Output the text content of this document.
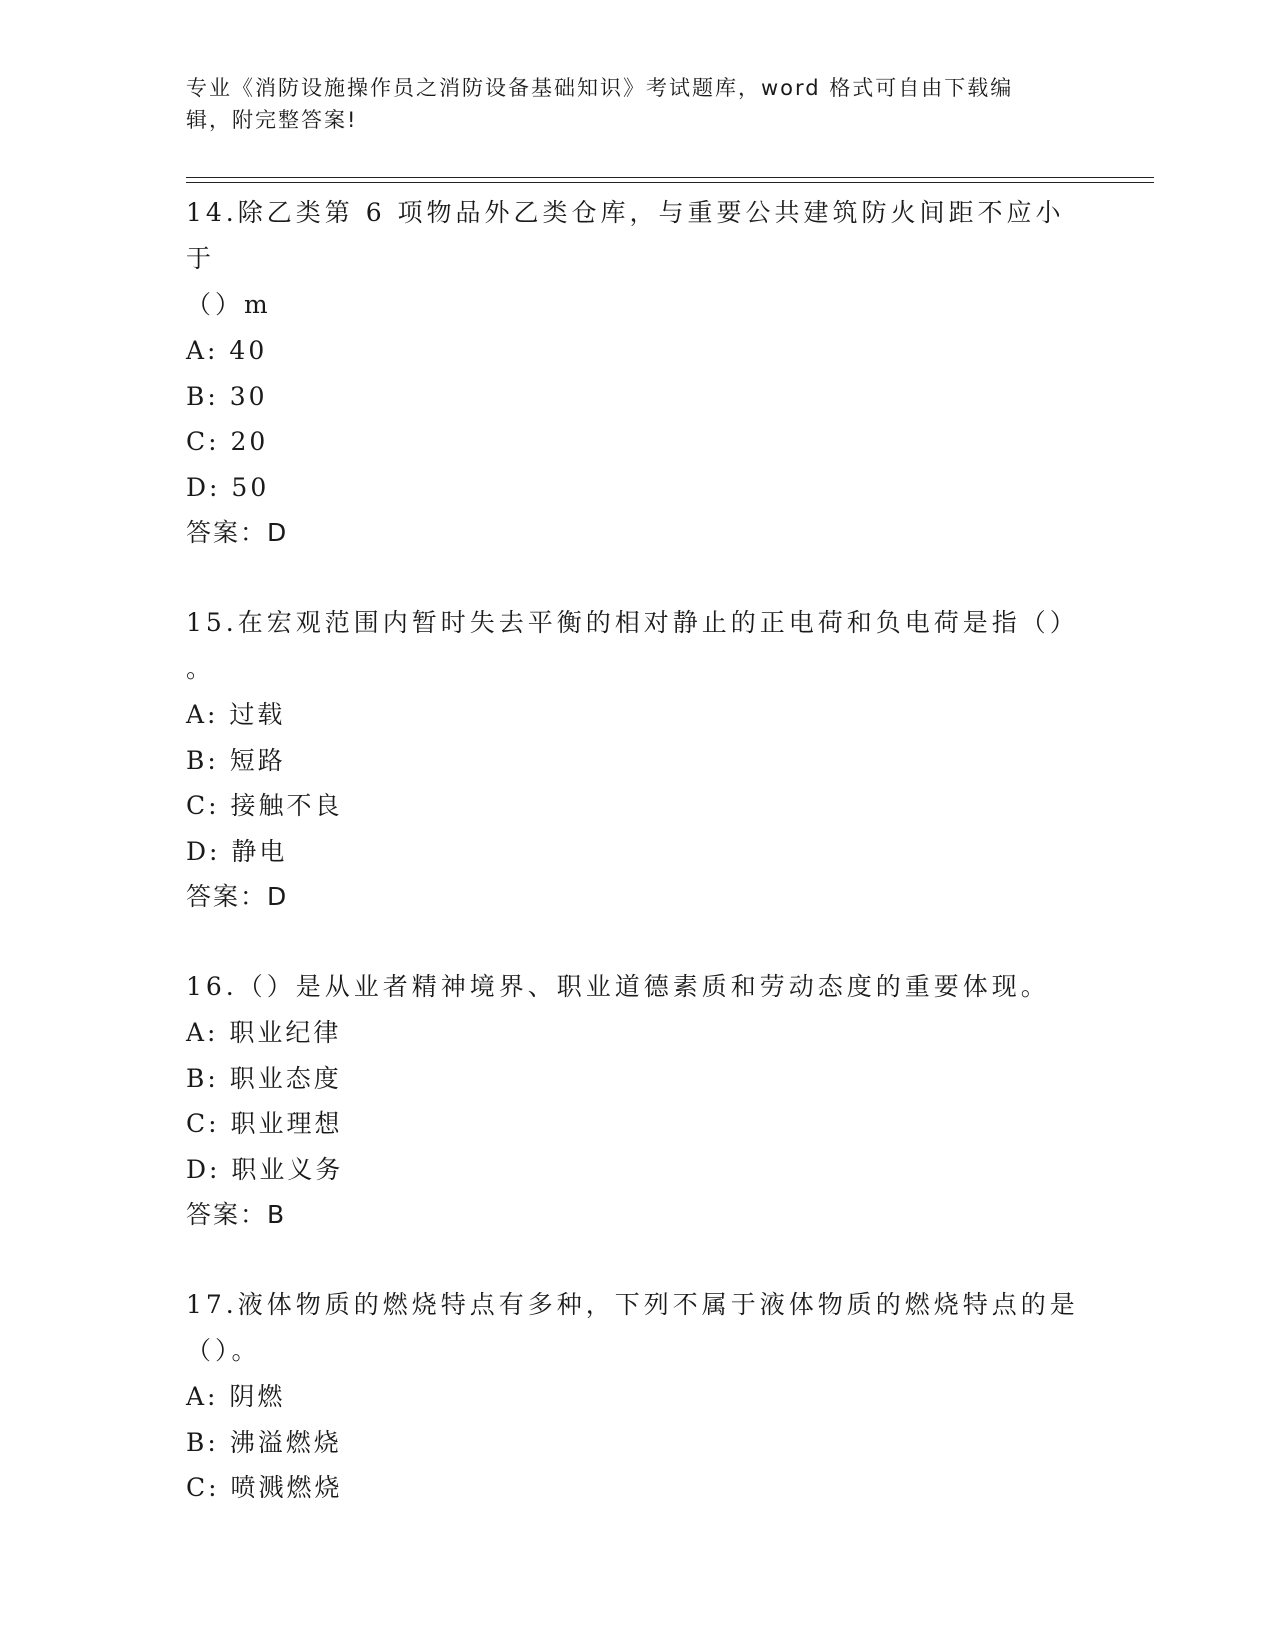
专业《消防设施操作员之消防设备基础知识》考试题库，word 格式可自由下载编
辑，附完整答案!

14.除乙类第 6 项物品外乙类仓库，与重要公共建筑防火间距不应小于

（）m

A: 40

B: 30

C: 20

D: 50

答案：D

15.在宏观范围内暂时失去平衡的相对静止的正电荷和负电荷是指（）

。

A: 过载

B: 短路

C: 接触不良

D: 静电

答案：D

16.（）是从业者精神境界、职业道德素质和劳动态度的重要体现。

A: 职业纪律

B: 职业态度

C: 职业理想

D: 职业义务

答案：B

17.液体物质的燃烧特点有多种，下列不属于液体物质的燃烧特点的是

（）。

A: 阴燃

B: 沸溢燃烧

C: 喷溅燃烧
